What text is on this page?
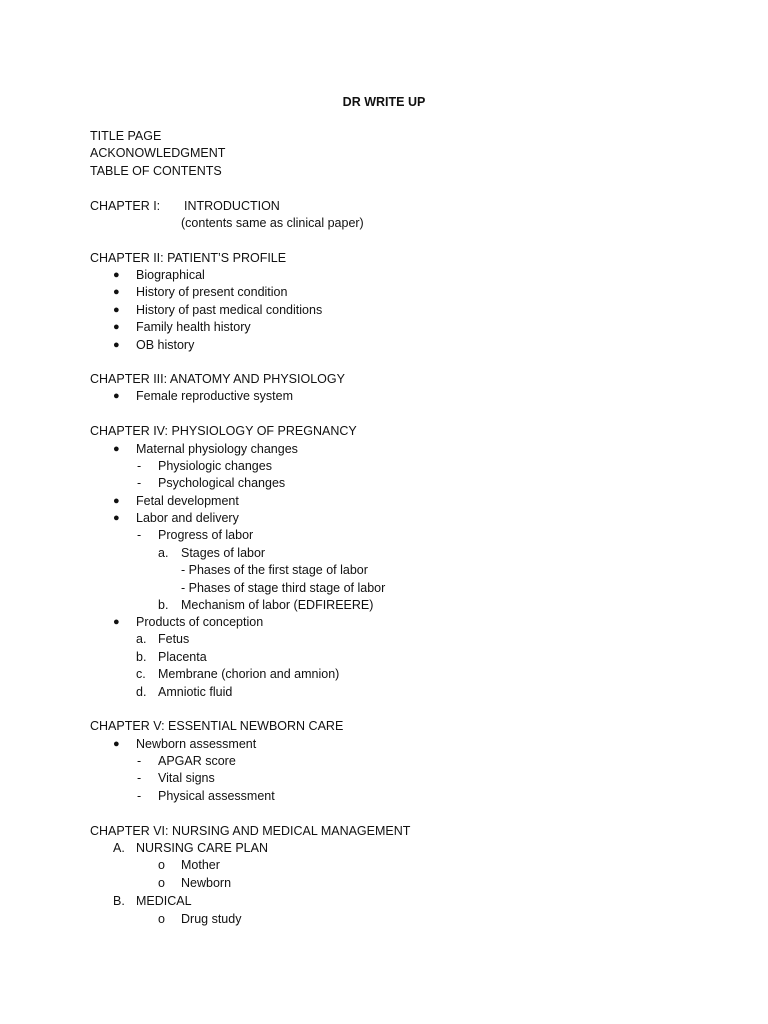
DR WRITE UP
TITLE PAGE
ACKONOWLEDGMENT
TABLE OF CONTENTS
CHAPTER I: INTRODUCTION
(contents same as clinical paper)
CHAPTER II: PATIENT’S PROFILE
● Biographical
● History of present condition
● History of past medical conditions
● Family health history
● OB history
CHAPTER III: ANATOMY AND PHYSIOLOGY
● Female reproductive system
CHAPTER IV: PHYSIOLOGY OF PREGNANCY
● Maternal physiology changes
- Physiologic changes
- Psychological changes
● Fetal development
● Labor and delivery
- Progress of labor
a. Stages of labor
- Phases of the first stage of labor
- Phases of stage third stage of labor
b. Mechanism of labor (EDFIREERE)
● Products of conception
a. Fetus
b. Placenta
c. Membrane (chorion and amnion)
d. Amniotic fluid
CHAPTER V: ESSENTIAL NEWBORN CARE
● Newborn assessment
- APGAR score
- Vital signs
- Physical assessment
CHAPTER VI: NURSING AND MEDICAL MANAGEMENT
A. NURSING CARE PLAN
o Mother
o Newborn
B. MEDICAL
o Drug study
